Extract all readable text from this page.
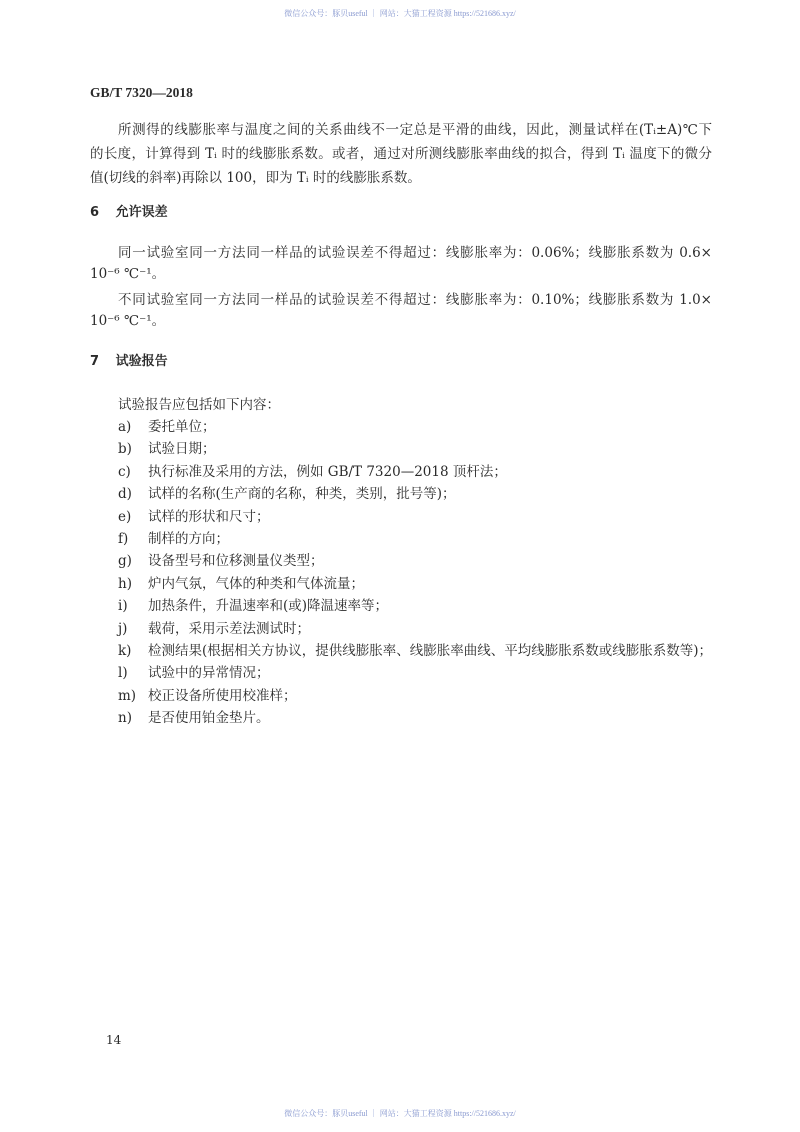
微信公众号：豚贝useful ｜ 网站：大猫工程资源 https://521686.xyz/
GB/T 7320—2018
所测得的线膨胀率与温度之间的关系曲线不一定总是平滑的曲线，因此，测量试样在(Tᵢ±A)℃下
的长度，计算得到 Tᵢ 时的线膨胀系数。或者，通过对所测线膨胀率曲线的拟合，得到 Tᵢ 温度下的微分
值(切线的斜率)再除以 100，即为 Tᵢ 时的线膨胀系数。
6 允许误差
同一试验室同一方法同一样品的试验误差不得超过：线膨胀率为：0.06%；线膨胀系数为 0.6×
10⁻⁶ ℃⁻¹。
不同试验室同一方法同一样品的试验误差不得超过：线膨胀率为：0.10%；线膨胀系数为 1.0×
10⁻⁶ ℃⁻¹。
7 试验报告
试验报告应包括如下内容：
a) 委托单位；
b) 试验日期；
c) 执行标准及采用的方法，例如 GB/T 7320—2018 顶杆法；
d) 试样的名称(生产商的名称，种类，类别，批号等)；
e) 试样的形状和尺寸；
f) 制样的方向；
g) 设备型号和位移测量仪类型；
h) 炉内气氛，气体的种类和气体流量；
i) 加热条件，升温速率和(或)降温速率等；
j) 载荷，采用示差法测试时；
k) 检测结果(根据相关方协议，提供线膨胀率、线膨胀率曲线、平均线膨胀系数或线膨胀系数等)；
l) 试验中的异常情况；
m) 校正设备所使用校准样；
n) 是否使用铂金垫片。
14
微信公众号：豚贝useful ｜ 网站：大猫工程资源 https://521686.xyz/
